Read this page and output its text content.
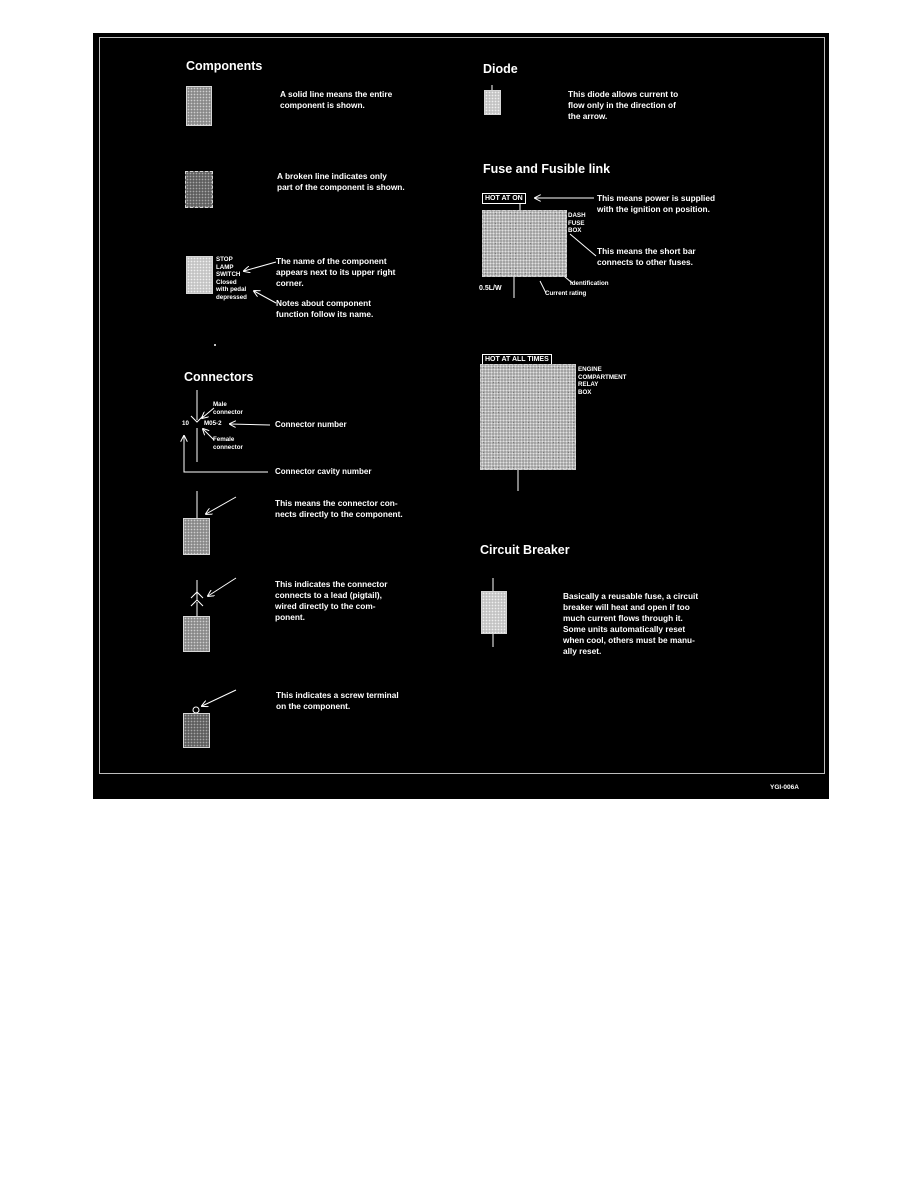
Components
A solid line means the entire
component is shown.
A broken line indicates only
part of the component is shown.
STOP
LAMP
SWITCH
Closed
with pedal
depressed
The name of the component
appears next to its upper right
corner.
Notes about component
function follow its name.
Connectors
Male
connector
10 M05-2
Female
connector
Connector number
Connector cavity number
This means the connector con-
nects directly to the component.
This indicates the connector
connects to a lead (pigtail),
wired directly to the com-
ponent.
This indicates a screw terminal
on the component.
Diode
This diode allows current to
flow only in the direction of
the arrow.
Fuse and Fusible link
HOT AT ON	This means power is supplied
with the ignition on position.
DASH
FUSE
BOX
This means the short bar
connects to other fuses.
0.5L/W
Identification
Current rating
HOT AT ALL TIMES
ENGINE
COMPARTMENT
RELAY
BOX
Circuit Breaker
Basically a reusable fuse, a circuit
breaker will heat and open if too
much current flows through it.
Some units automatically reset
when cool, others must be manu-
ally reset.
YGI-006A
